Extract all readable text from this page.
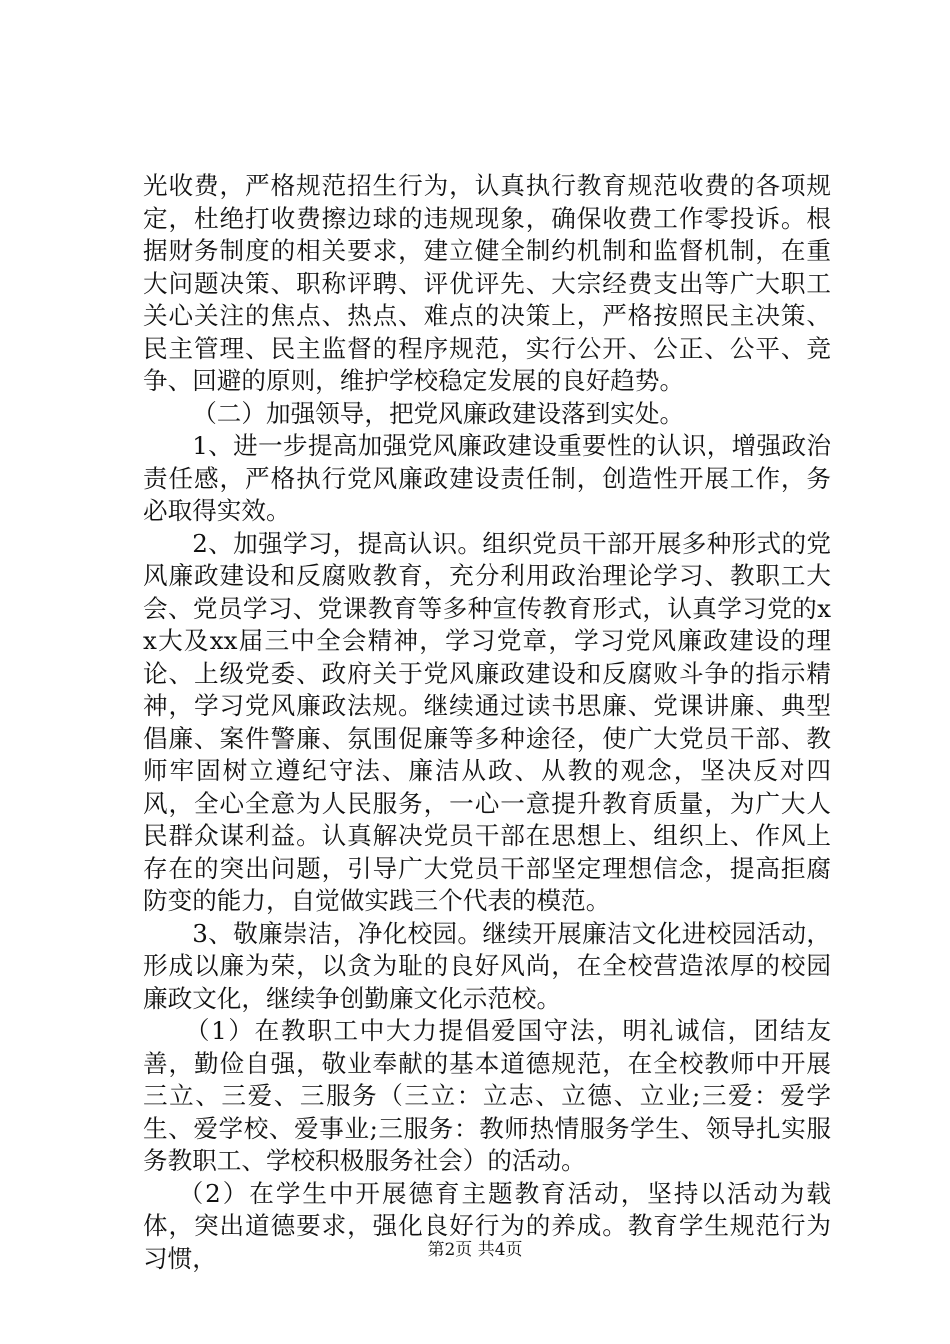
光收费，严格规范招生行为，认真执行教育规范收费的各项规定，杜绝打收费擦边球的违规现象，确保收费工作零投诉。根据财务制度的相关要求，建立健全制约机制和监督机制，在重大问题决策、职称评聘、评优评先、大宗经费支出等广大职工关心关注的焦点、热点、难点的决策上，严格按照民主决策、民主管理、民主监督的程序规范，实行公开、公正、公平、竞争、回避的原则，维护学校稳定发展的良好趋势。

（二）加强领导，把党风廉政建设落到实处。

1、进一步提高加强党风廉政建设重要性的认识，增强政治责任感，严格执行党风廉政建设责任制，创造性开展工作，务必取得实效。

2、加强学习，提高认识。组织党员干部开展多种形式的党风廉政建设和反腐败教育，充分利用政治理论学习、教职工大会、党员学习、党课教育等多种宣传教育形式，认真学习党的xx大及xx届三中全会精神，学习党章，学习党风廉政建设的理论、上级党委、政府关于党风廉政建设和反腐败斗争的指示精神，学习党风廉政法规。继续通过读书思廉、党课讲廉、典型倡廉、案件警廉、氛围促廉等多种途径，使广大党员干部、教师牢固树立遵纪守法、廉洁从政、从教的观念，坚决反对四风，全心全意为人民服务，一心一意提升教育质量，为广大人民群众谋利益。认真解决党员干部在思想上、组织上、作风上存在的突出问题，引导广大党员干部坚定理想信念，提高拒腐防变的能力，自觉做实践三个代表的模范。

3、敬廉崇洁，净化校园。继续开展廉洁文化进校园活动，形成以廉为荣，以贪为耻的良好风尚，在全校营造浓厚的校园廉政文化，继续争创勤廉文化示范校。

（1）在教职工中大力提倡爱国守法，明礼诚信，团结友善，勤俭自强，敬业奉献的基本道德规范，在全校教师中开展三立、三爱、三服务（三立：立志、立德、立业;三爱：爱学生、爱学校、爱事业;三服务：教师热情服务学生、领导扎实服务教职工、学校积极服务社会）的活动。

（2）在学生中开展德育主题教育活动，坚持以活动为载体，突出道德要求，强化良好行为的养成。教育学生规范行为习惯，	第2页 共4页
